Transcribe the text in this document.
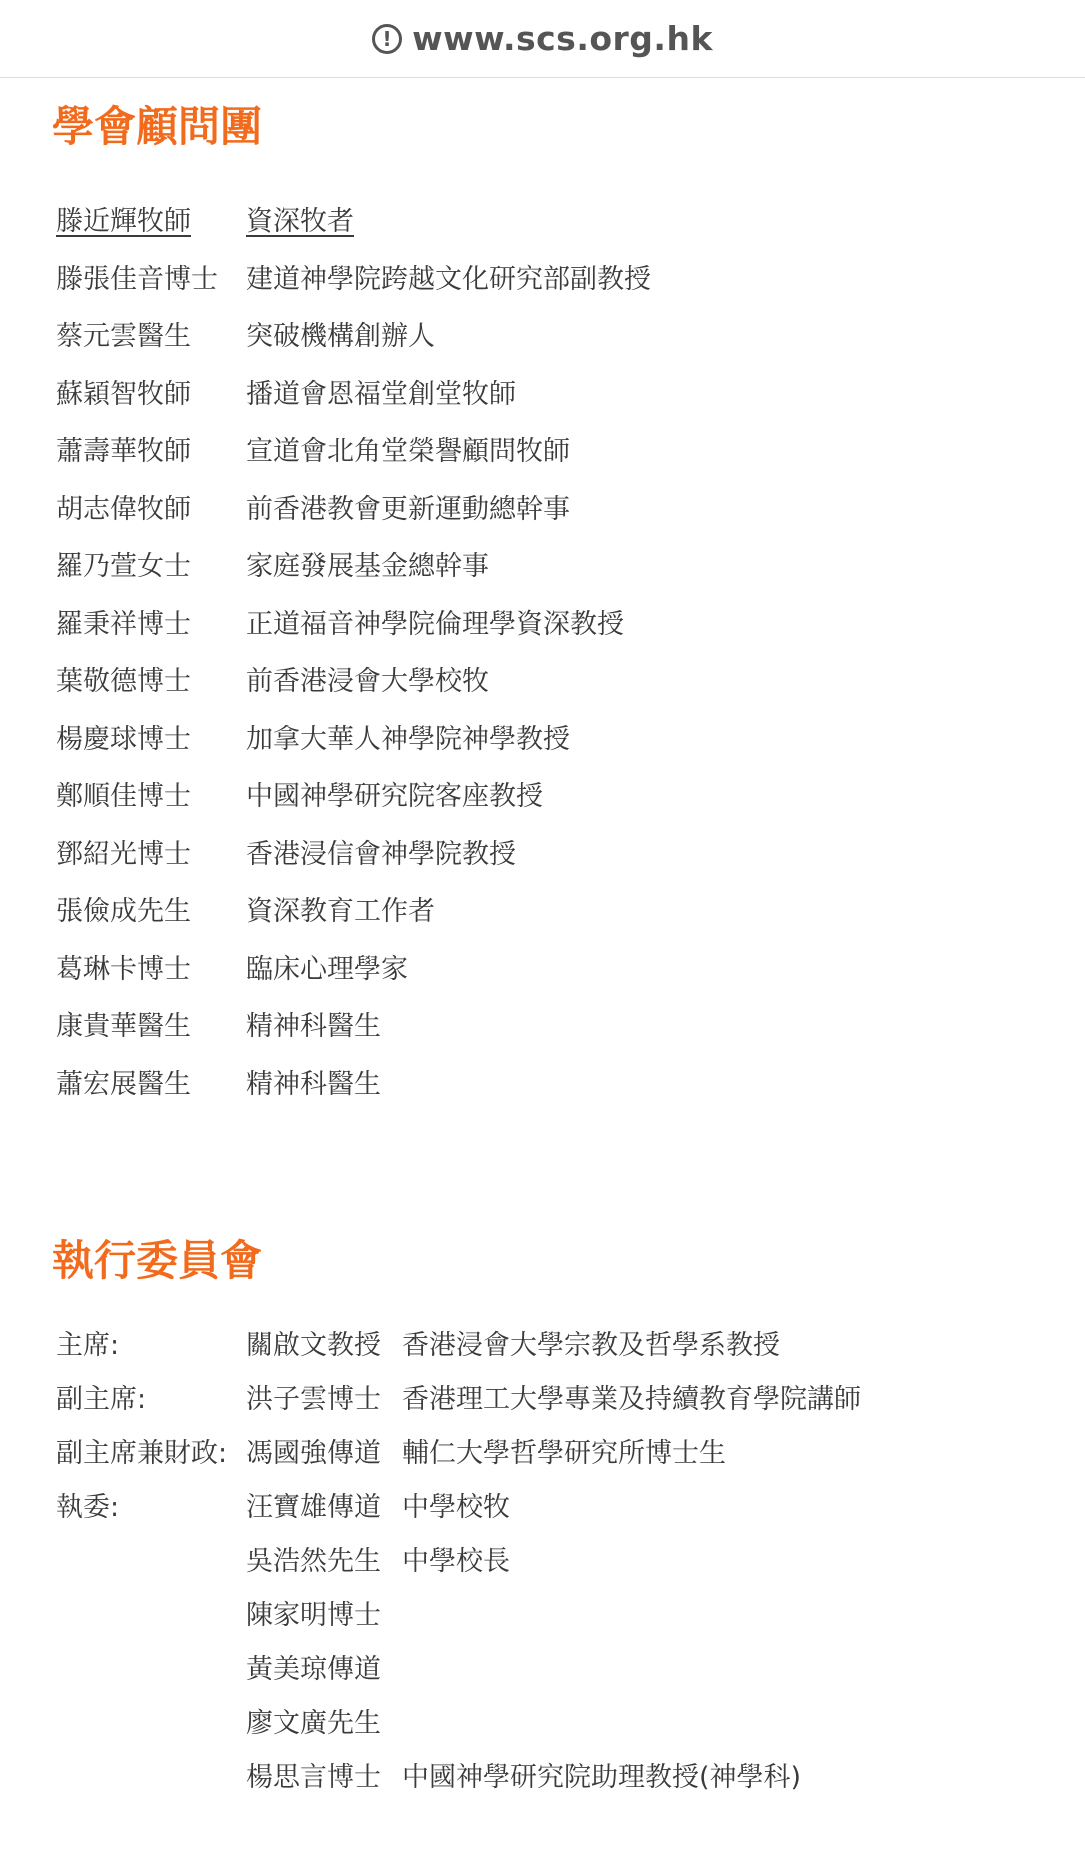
! www.scs.org.hk
學會顧問團
滕近輝牧師	資深牧者
滕張佳音博士	建道神學院跨越文化研究部副教授
蔡元雲醫生	突破機構創辦人
蘇穎智牧師	播道會恩福堂創堂牧師
蕭壽華牧師	宣道會北角堂榮譽顧問牧師
胡志偉牧師	前香港教會更新運動總幹事
羅乃萱女士	家庭發展基金總幹事
羅秉祥博士	正道福音神學院倫理學資深教授
葉敬德博士	前香港浸會大學校牧
楊慶球博士	加拿大華人神學院神學教授
鄭順佳博士	中國神學研究院客座教授
鄧紹光博士	香港浸信會神學院教授
張儉成先生	資深教育工作者
葛琳卡博士	臨床心理學家
康貴華醫生	精神科醫生
蕭宏展醫生	精神科醫生
執行委員會
主席:	關啟文教授 香港浸會大學宗教及哲學系教授
副主席:	洪子雲博士 香港理工大學專業及持續教育學院講師
副主席兼財政: 馮國強傳道 輔仁大學哲學研究所博士生
執委:	汪寶雄傳道 中學校牧
吳浩然先生 中學校長
陳家明博士
黃美琼傳道
廖文廣先生
楊思言博士 中國神學研究院助理教授(神學科)
